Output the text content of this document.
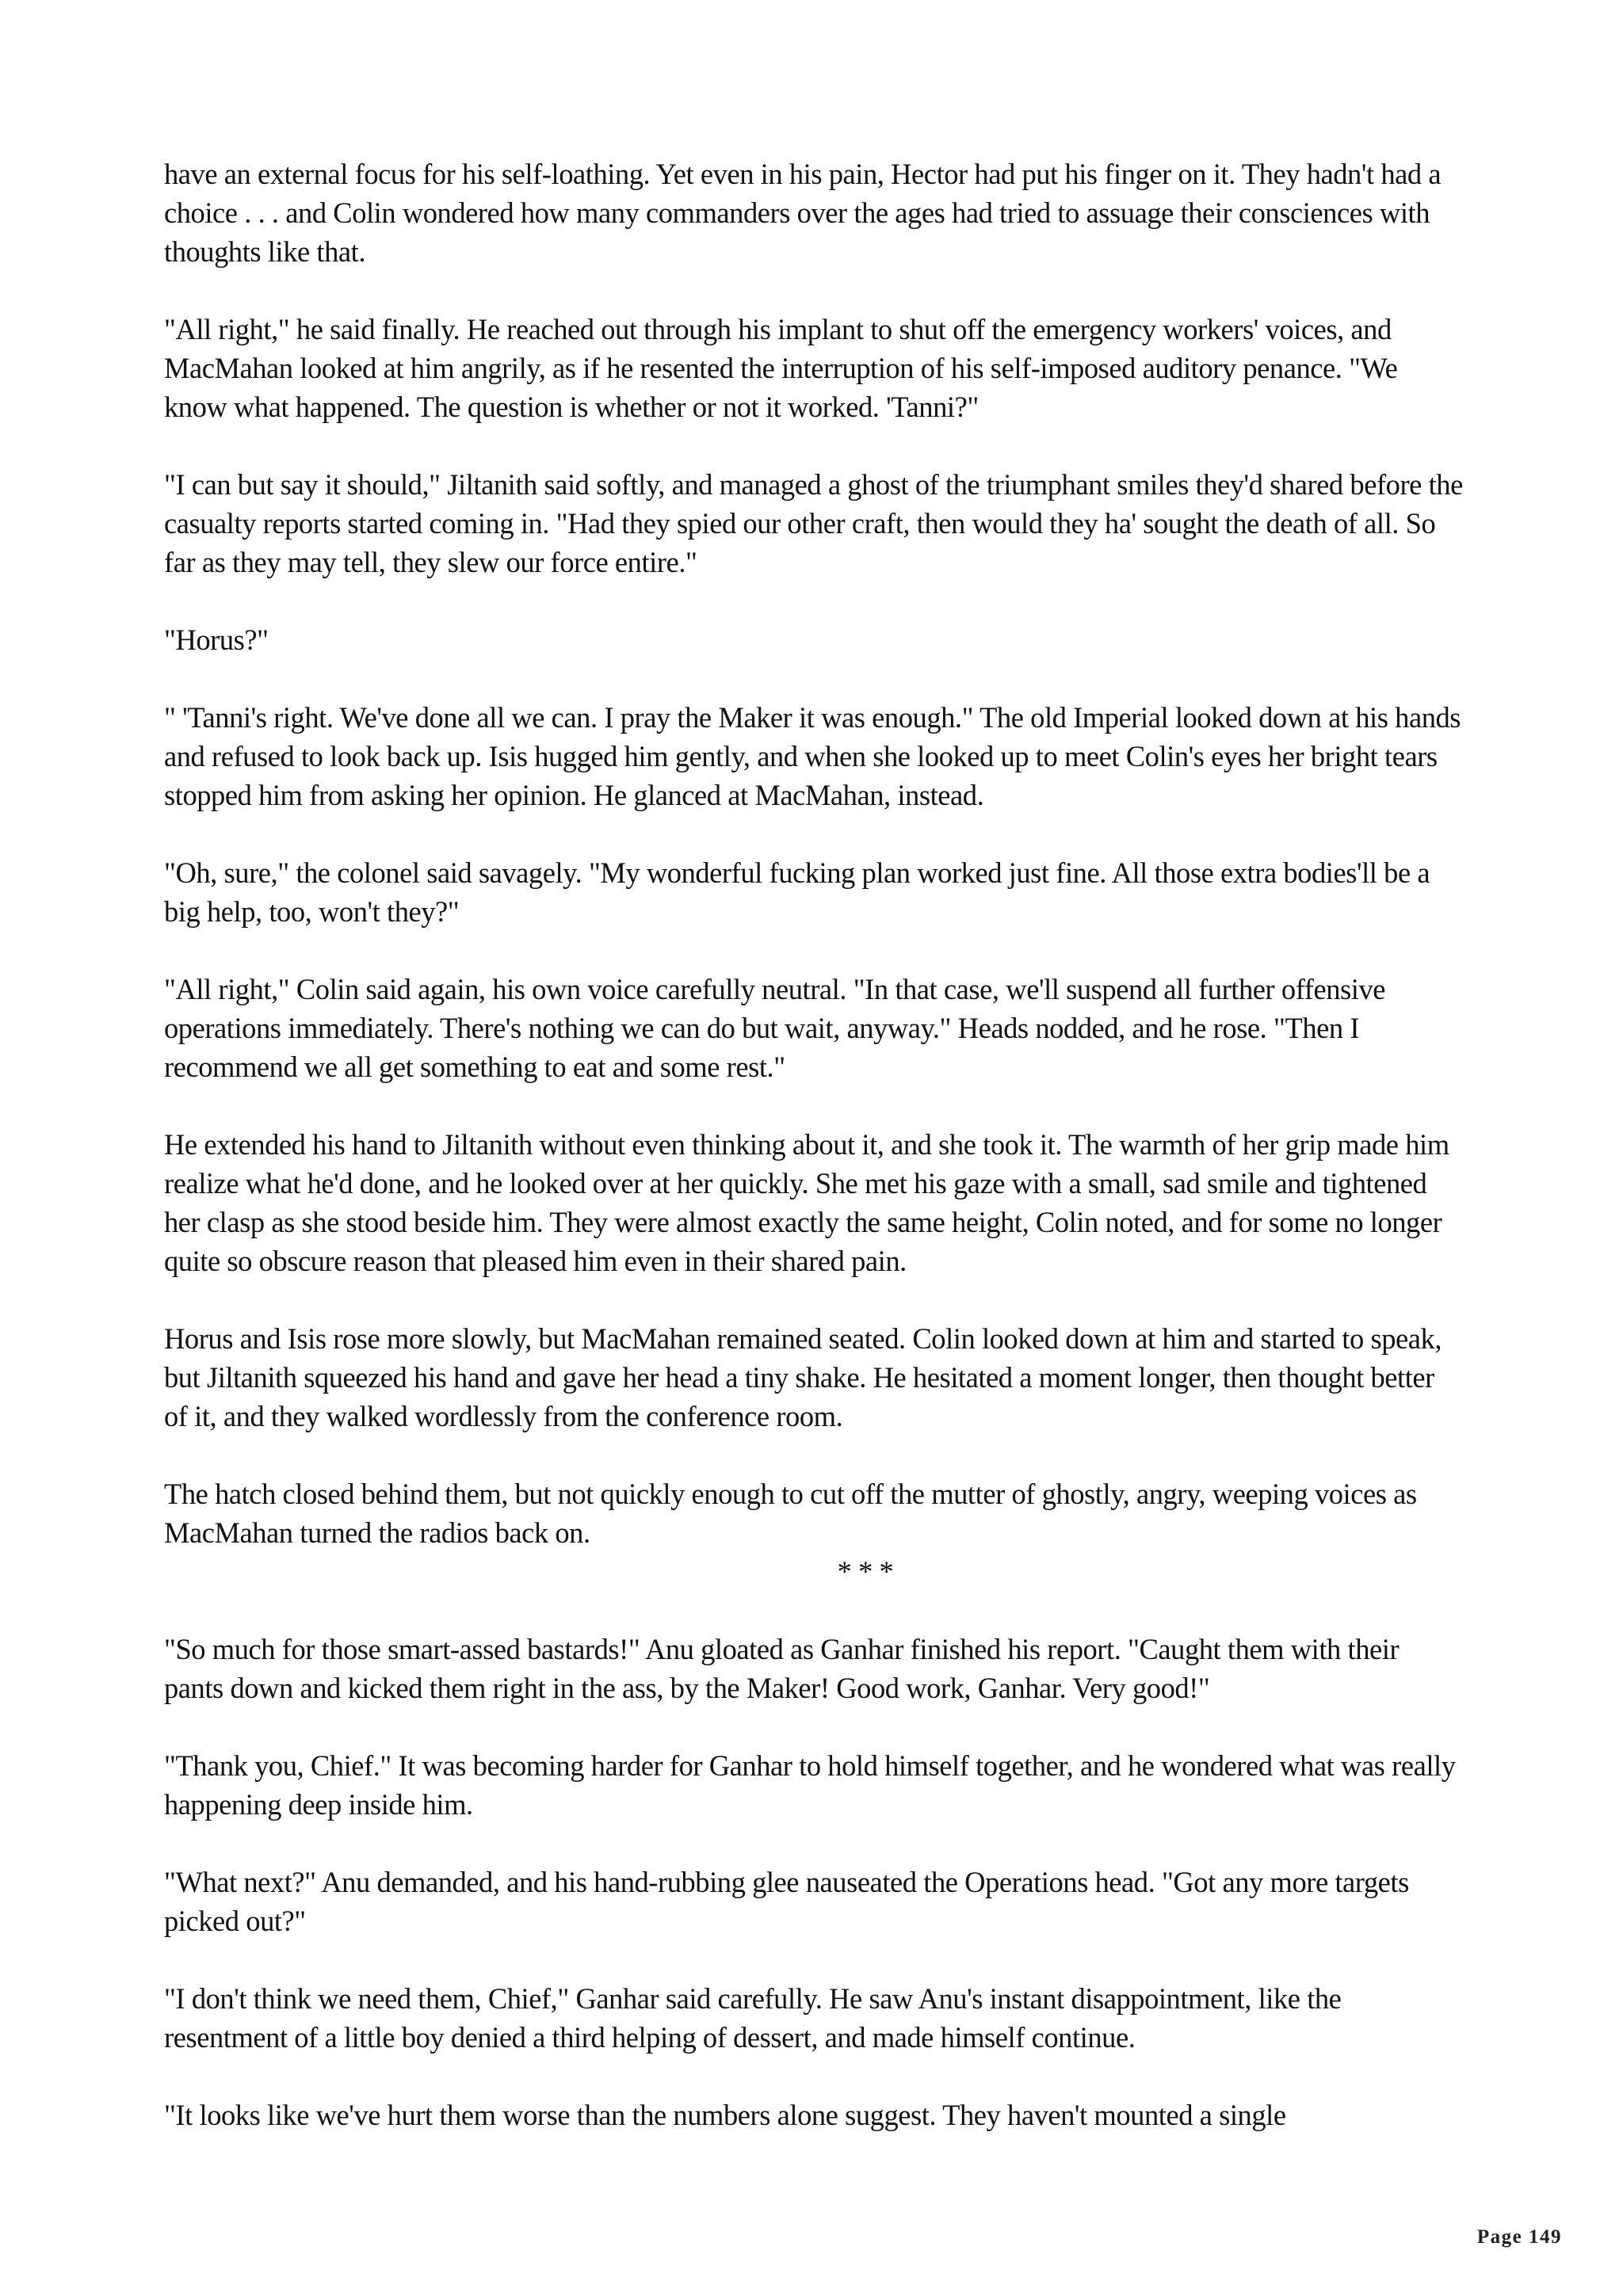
have an external focus for his self-loathing. Yet even in his pain, Hector had put his finger on it. They hadn't had a choice . . . and Colin wondered how many commanders over the ages had tried to assuage their consciences with thoughts like that.

"All right," he said finally. He reached out through his implant to shut off the emergency workers' voices, and MacMahan looked at him angrily, as if he resented the interruption of his self-imposed auditory penance. "We know what happened. The question is whether or not it worked. 'Tanni?"

"I can but say it should," Jiltanith said softly, and managed a ghost of the triumphant smiles they'd shared before the casualty reports started coming in. "Had they spied our other craft, then would they ha' sought the death of all. So far as they may tell, they slew our force entire."

"Horus?"

" 'Tanni's right. We've done all we can. I pray the Maker it was enough." The old Imperial looked down at his hands and refused to look back up. Isis hugged him gently, and when she looked up to meet Colin's eyes her bright tears stopped him from asking her opinion. He glanced at MacMahan, instead.

"Oh, sure," the colonel said savagely. "My wonderful fucking plan worked just fine. All those extra bodies'll be a big help, too, won't they?"

"All right," Colin said again, his own voice carefully neutral. "In that case, we'll suspend all further offensive operations immediately. There's nothing we can do but wait, anyway." Heads nodded, and he rose. "Then I recommend we all get something to eat and some rest."

He extended his hand to Jiltanith without even thinking about it, and she took it. The warmth of her grip made him realize what he'd done, and he looked over at her quickly. She met his gaze with a small, sad smile and tightened her clasp as she stood beside him. They were almost exactly the same height, Colin noted, and for some no longer quite so obscure reason that pleased him even in their shared pain.

Horus and Isis rose more slowly, but MacMahan remained seated. Colin looked down at him and started to speak, but Jiltanith squeezed his hand and gave her head a tiny shake. He hesitated a moment longer, then thought better of it, and they walked wordlessly from the conference room.

The hatch closed behind them, but not quickly enough to cut off the mutter of ghostly, angry, weeping voices as MacMahan turned the radios back on.

* * *

"So much for those smart-assed bastards!" Anu gloated as Ganhar finished his report. "Caught them with their pants down and kicked them right in the ass, by the Maker! Good work, Ganhar. Very good!"

"Thank you, Chief." It was becoming harder for Ganhar to hold himself together, and he wondered what was really happening deep inside him.

"What next?" Anu demanded, and his hand-rubbing glee nauseated the Operations head. "Got any more targets picked out?"

"I don't think we need them, Chief," Ganhar said carefully. He saw Anu's instant disappointment, like the resentment of a little boy denied a third helping of dessert, and made himself continue.

"It looks like we've hurt them worse than the numbers alone suggest. They haven't mounted a single

Page 149
